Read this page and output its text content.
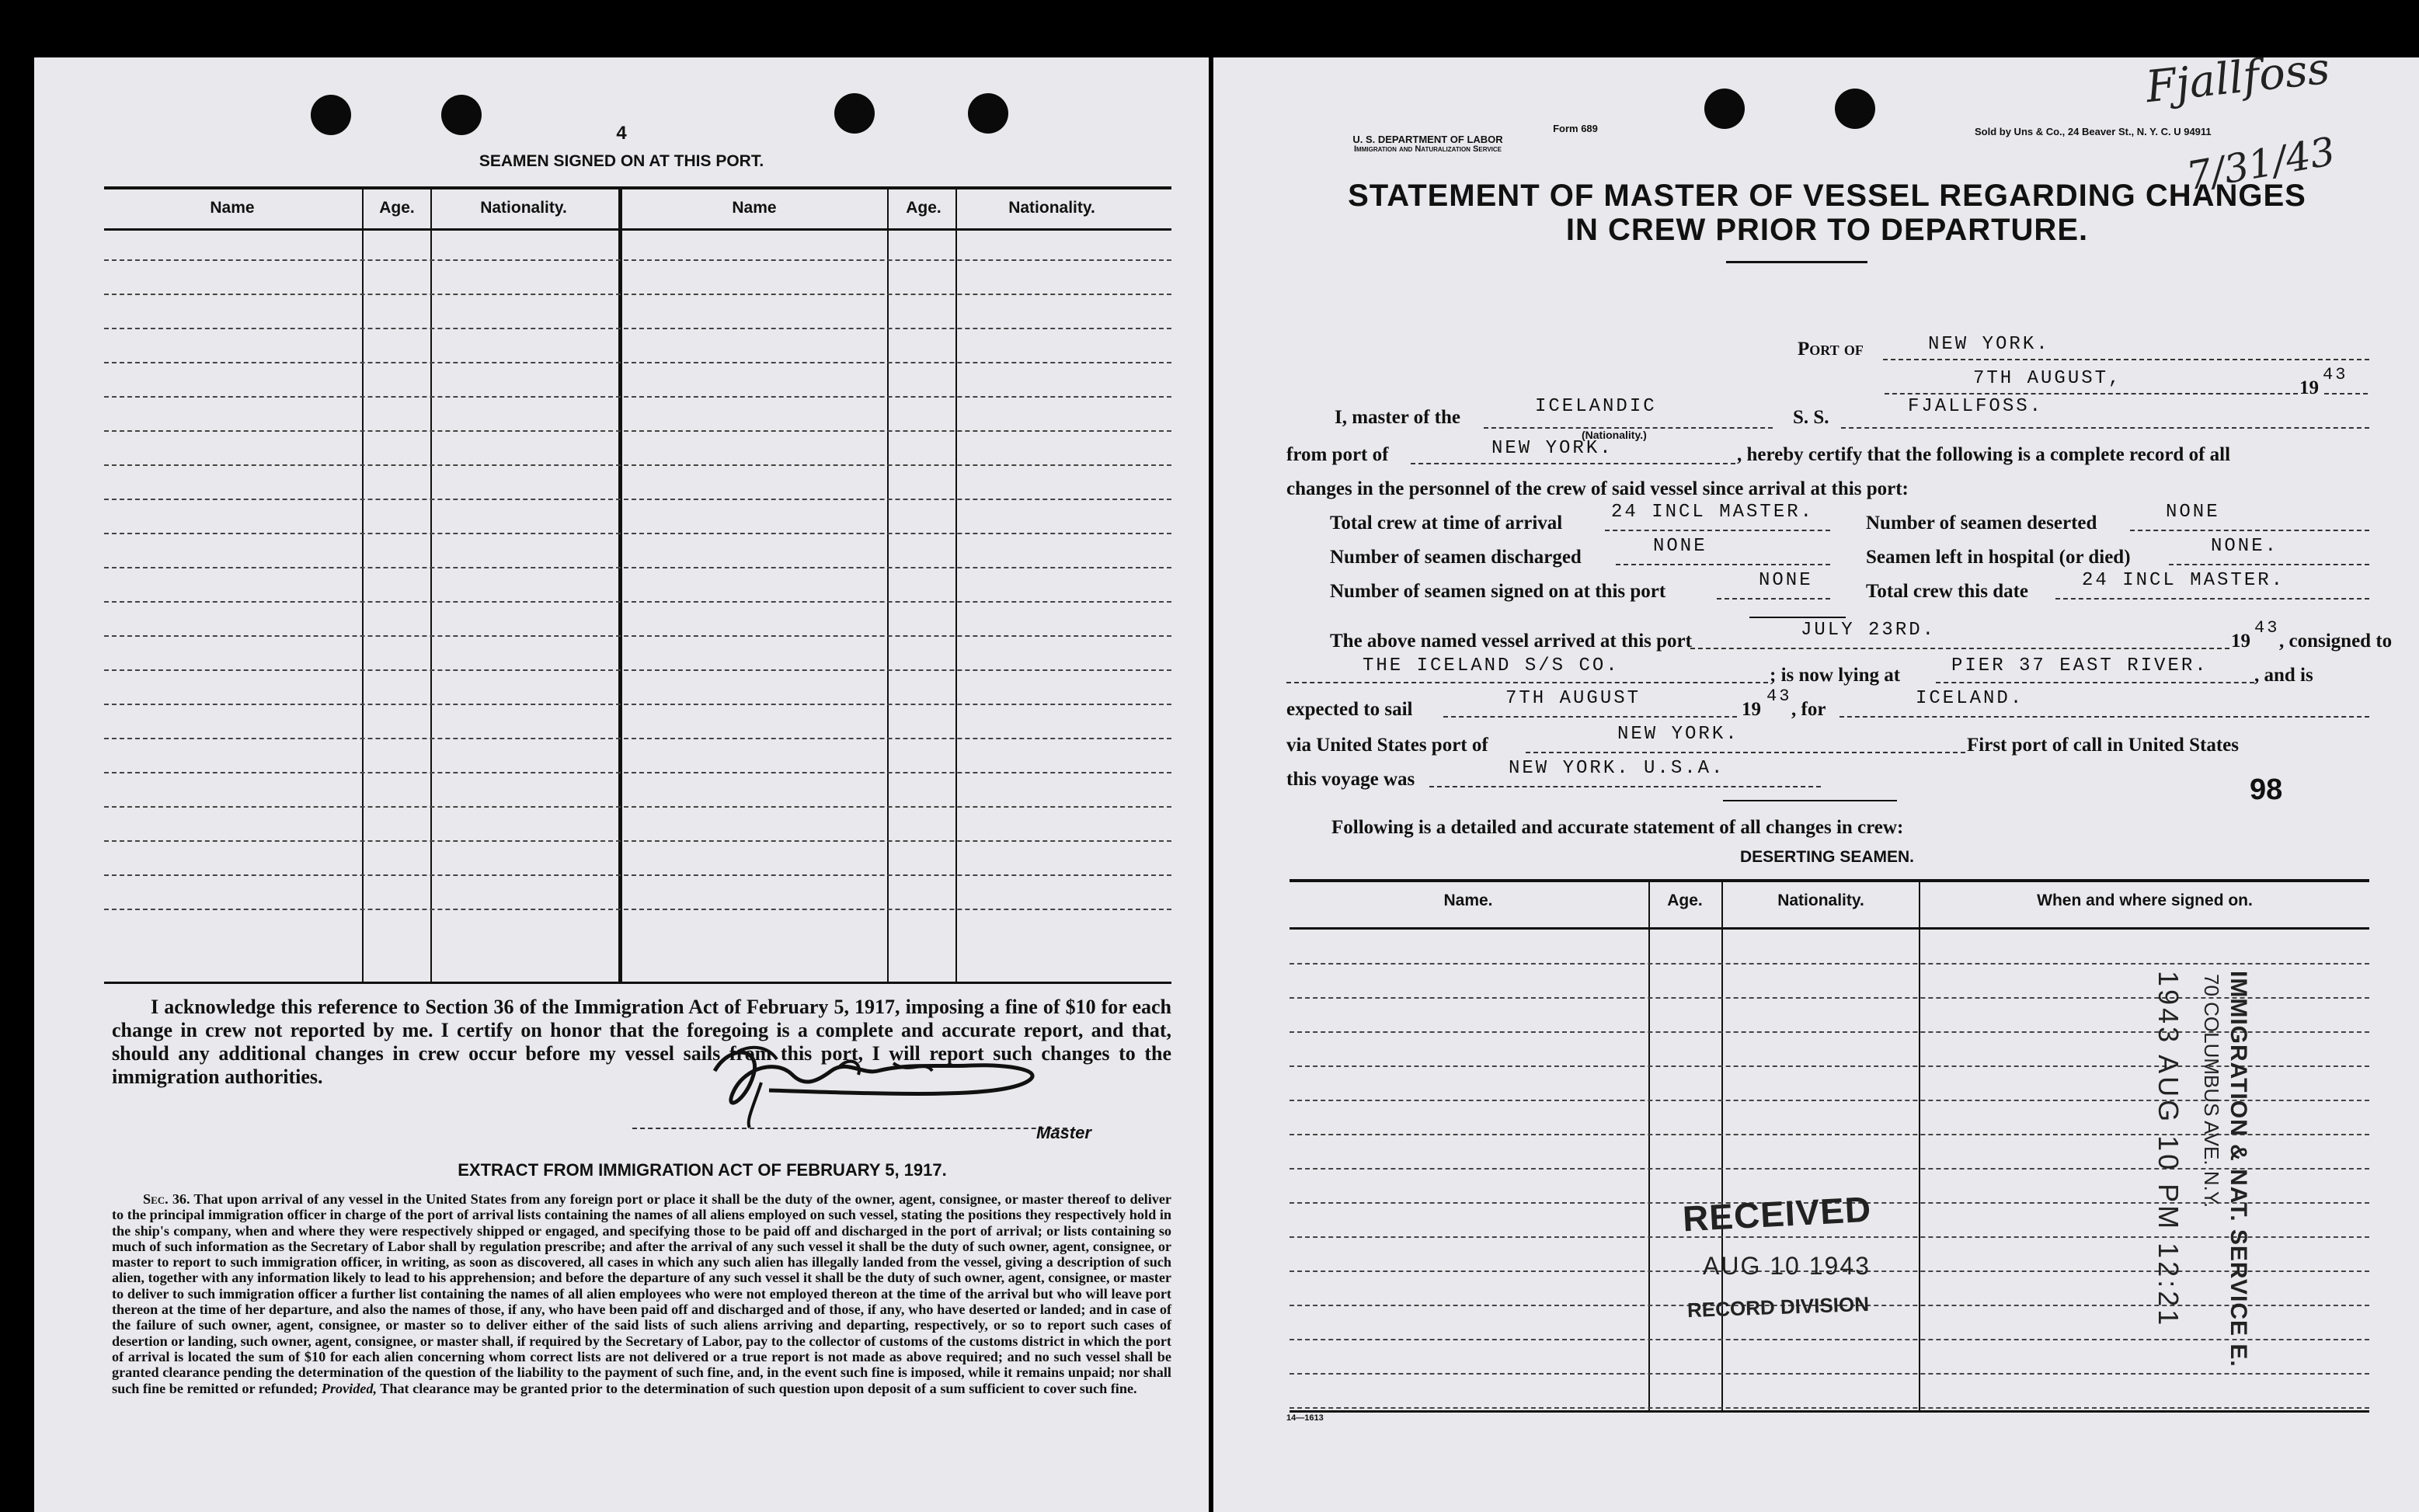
4
SEAMEN SIGNED ON AT THIS PORT.
Name	Age.	Nationality.	Name	Age.	Nationality.
I acknowledge this reference to Section 36 of the Immigration Act of February 5, 1917, imposing a fine of $10 for each change in crew not reported by me. I certify on honor that the foregoing is a complete and accurate report, and that, should any additional changes in crew occur before my vessel sails from this port, I will report such changes to the immigration authorities.
Master
EXTRACT FROM IMMIGRATION ACT OF FEBRUARY 5, 1917.
Sec. 36. That upon arrival of any vessel in the United States from any foreign port or place it shall be the duty of the owner, agent, consignee, or master thereof to deliver to the principal immigration officer in charge of the port of arrival lists containing the names of all aliens employed on such vessel, stating the positions they respectively hold in the ship's company, when and where they were respectively shipped or engaged, and specifying those to be paid off and discharged in the port of arrival; or lists containing so much of such information as the Secretary of Labor shall by regulation prescribe; and after the arrival of any such vessel it shall be the duty of such owner, agent, consignee, or master to report to such immigration officer, in writing, as soon as discovered, all cases in which any such alien has illegally landed from the vessel, giving a description of such alien, together with any information likely to lead to his apprehension; and before the departure of any such vessel it shall be the duty of such owner, agent, consignee, or master to deliver to such immigration officer a further list containing the names of all alien employees who were not employed thereon at the time of the arrival but who will leave port thereon at the time of her departure, and also the names of those, if any, who have been paid off and discharged and of those, if any, who have deserted or landed; and in case of the failure of such owner, agent, consignee, or master so to deliver either of the said lists of such aliens arriving and departing, respectively, or so to report such cases of desertion or landing, such owner, agent, consignee, or master shall, if required by the Secretary of Labor, pay to the collector of customs of the customs district in which the port of arrival is located the sum of $10 for each alien concerning whom correct lists are not delivered or a true report is not made as above required; and no such vessel shall be granted clearance pending the determination of the question of the liability to the payment of such fine, and, in the event such fine is imposed, while it remains unpaid; nor shall such fine be remitted or refunded; Provided, That clearance may be granted prior to the determination of such question upon deposit of a sum sufficient to cover such fine.
Fjallfoss
7/31/43
Form 689
U. S. DEPARTMENT OF LABOR
Immigration and Naturalization Service
Sold by Uns & Co., 24 Beaver St., N. Y. C. U 94911
STATEMENT OF MASTER OF VESSEL REGARDING CHANGES
IN CREW PRIOR TO DEPARTURE.
Port of	NEW YORK.
7TH AUGUST,	19
43
I, master of the
ICELANDIC
(Nationality.)
S. S.
FJALLFOSS.
from port of	NEW YORK.	, hereby certify that the following is a complete record of all
changes in the personnel of the crew of said vessel since arrival at this port:
Total crew at time of arrival
24 INCL MASTER.
Number of seamen deserted
NONE
Number of seamen discharged
NONE
Seamen left in hospital (or died)
NONE.
Number of seamen signed on at this port
NONE
Total crew this date
24 INCL MASTER.
The above named vessel arrived at this port
JULY 23RD.
19
43
, consigned to
THE ICELAND S/S CO.	; is now lying at	PIER 37 EAST RIVER. , and is
expected to sail
7TH AUGUST
19
43
, for
ICELAND.
via United States port of
NEW YORK.
First port of call in United States
this voyage was
NEW YORK. U.S.A.
98
Following is a detailed and accurate statement of all changes in crew:
DESERTING SEAMEN.
Name.	Age.	Nationality.	When and where signed on.
RECEIVED
AUG 10 1943
RECORD DIVISION	1943 AUG 10 PM 12:21 IMMIGRATION & NAT. SERVICE E.
70 COLUMBUS AVE. N.Y.
14—1613
